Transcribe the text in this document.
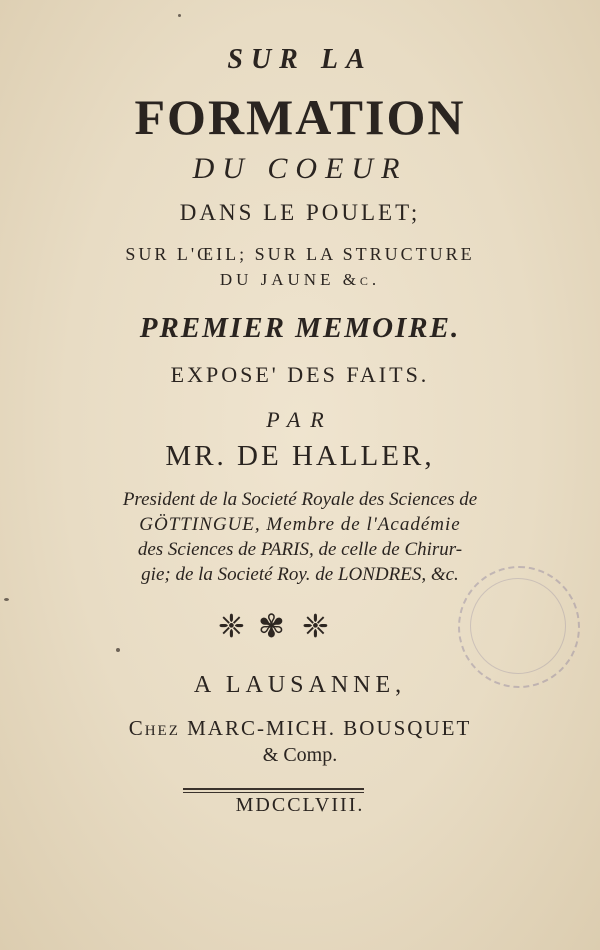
SUR LA
FORMATION
DU COEUR
DANS LE POULET;
SUR L'ŒIL; SUR LA STRUCTURE
DU JAUNE &c.
PREMIER MEMOIRE.
EXPOSE' DES FAITS.
PAR
MR. DE HALLER,
President de la Societé Royale des Sciences de
GÖTTINGUE, Membre de l'Académie
des Sciences de PARIS, de celle de Chirur-
gie; de la Societé Roy. de LONDRES, &c.
❈ ✾ ❈
A LAUSANNE,
Chez MARC-MICH. BOUSQUET
& Comp.
MDCCLVIII.
